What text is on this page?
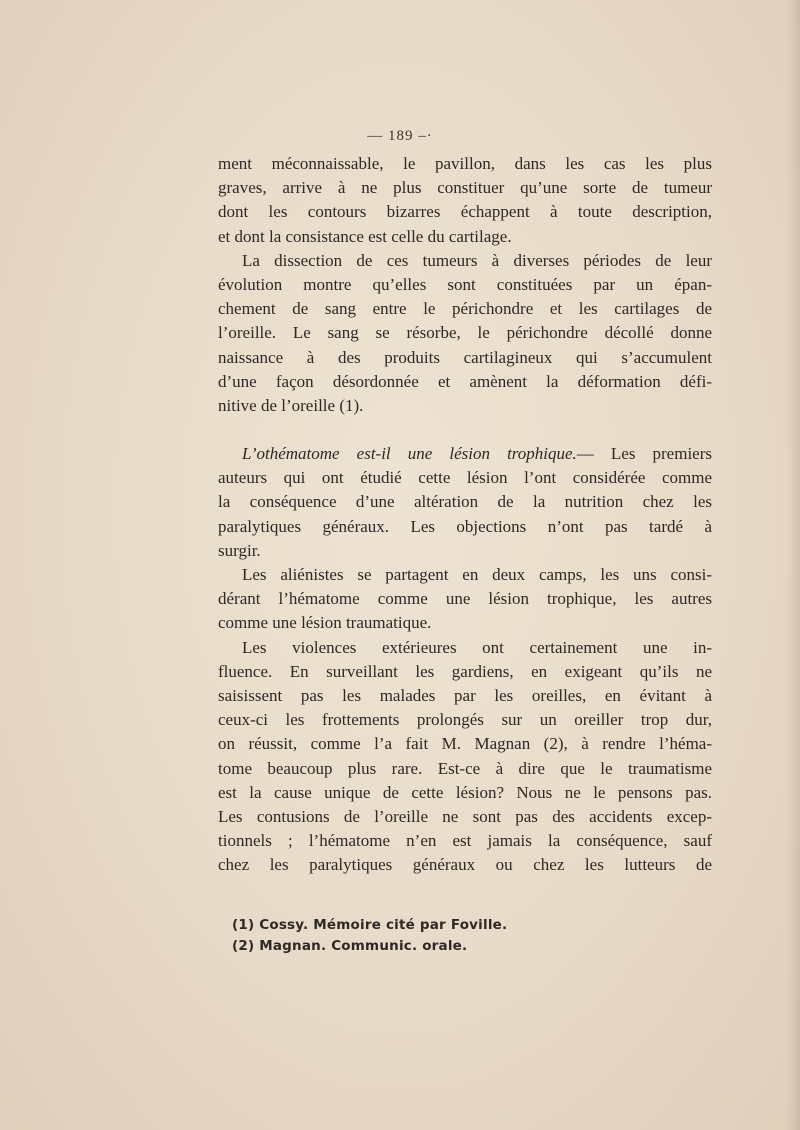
— 189 –·
ment méconnaissable, le pavillon, dans les cas les plus
graves, arrive à ne plus constituer qu’une sorte de tumeur
dont les contours bizarres échappent à toute description,
et dont la consistance est celle du cartilage.
La dissection de ces tumeurs à diverses périodes de leur
évolution montre qu’elles sont constituées par un épan-
chement de sang entre le périchondre et les cartilages de
l’oreille. Le sang se résorbe, le périchondre décollé donne
naissance à des produits cartilagineux qui s’accumulent
d’une façon désordonnée et amènent la déformation défi-
nitive de l’oreille (1).
L’othématome est-il une lésion trophique.— Les premiers
auteurs qui ont étudié cette lésion l’ont considérée comme
la conséquence d’une altération de la nutrition chez les
paralytiques généraux. Les objections n’ont pas tardé à
surgir.
Les aliénistes se partagent en deux camps, les uns consi-
dérant l’hématome comme une lésion trophique, les autres
comme une lésion traumatique.
Les violences extérieures ont certainement une in-
fluence. En surveillant les gardiens, en exigeant qu’ils ne
saisissent pas les malades par les oreilles, en évitant à
ceux-ci les frottements prolongés sur un oreiller trop dur,
on réussit, comme l’a fait M. Magnan (2), à rendre l’héma-
tome beaucoup plus rare. Est-ce à dire que le traumatisme
est la cause unique de cette lésion? Nous ne le pensons pas.
Les contusions de l’oreille ne sont pas des accidents excep-
tionnels ; l’hématome n’en est jamais la conséquence, sauf
chez les paralytiques généraux ou chez les lutteurs de
(1) Cossy. Mémoire cité par Foville.
(2) Magnan. Communic. orale.
